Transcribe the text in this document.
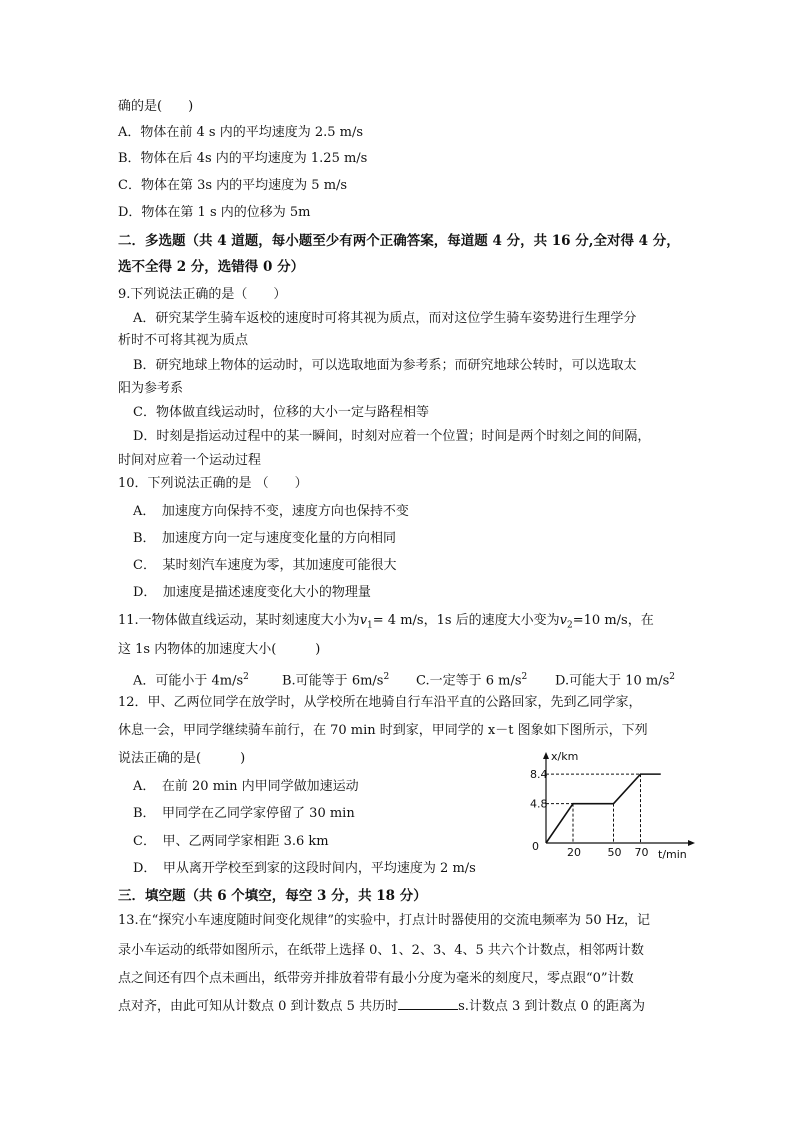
确的是(　　)
A．物体在前 4 s 内的平均速度为 2.5 m/s
B．物体在后 4s 内的平均速度为 1.25 m/s
C．物体在第 3s 内的平均速度为 5 m/s
D．物体在第 1 s 内的位移为 5m
二．多选题（共 4 道题，每小题至少有两个正确答案，每道题 4 分，共 16 分,全对得 4 分，
选不全得 2 分，选错得 0 分）
9.下列说法正确的是（　　）
A．研究某学生骑车返校的速度时可将其视为质点，而对这位学生骑车姿势进行生理学分
析时不可将其视为质点
B．研究地球上物体的运动时，可以选取地面为参考系；而研究地球公转时，可以选取太
阳为参考系
C．物体做直线运动时，位移的大小一定与路程相等
D．时刻是指运动过程中的某一瞬间，时刻对应着一个位置；时间是两个时刻之间的间隔，
时间对应着一个运动过程
10．下列说法正确的是 （　　）
A．　加速度方向保持不变，速度方向也保持不变
B．　加速度方向一定与速度变化量的方向相同
C．　某时刻汽车速度为零，其加速度可能很大
D．　加速度是描述速度变化大小的物理量
11.一物体做直线运动，某时刻速度大小为$v_1= 4$ m/s，1s 后的速度大小变为$v_2=10$ m/s，在
这 1s 内物体的加速度大小(　　　)
A．可能小于 $4m/s^2$	B.可能等于 $6m/s^2$ C.一定等于 6 $m/s^2$ D.可能大于 10 $m/s^2$
12．甲、乙两位同学在放学时，从学校所在地骑自行车沿平直的公路回家，先到乙同学家，
休息一会，甲同学继续骑车前行，在 70 min 时到家，甲同学的 x－t 图象如下图所示，下列
说法正确的是(　　　)
A．　在前 20 min 内甲同学做加速运动
B．　甲同学在乙同学家停留了 30 min
C．　甲、乙两同学家相距 3.6 km
D．　甲从离开学校至到家的这段时间内，平均速度为 2 m/s
x/km
t/min
0
8.4
4.8
20 50 70
三．填空题（共 6 个填空，每空 3 分，共 18 分）
13.在“探究小车速度随时间变化规律”的实验中，打点计时器使用的交流电频率为 50 Hz，记
录小车运动的纸带如图所示，在纸带上选择 0、1、2、3、4、5 共六个计数点，相邻两计数
点之间还有四个点未画出，纸带旁并排放着带有最小分度为毫米的刻度尺，零点跟“0”计数
点对齐，由此可知从计数点 0 到计数点 5 共历时	s.计数点 3 到计数点 0 的距离为
